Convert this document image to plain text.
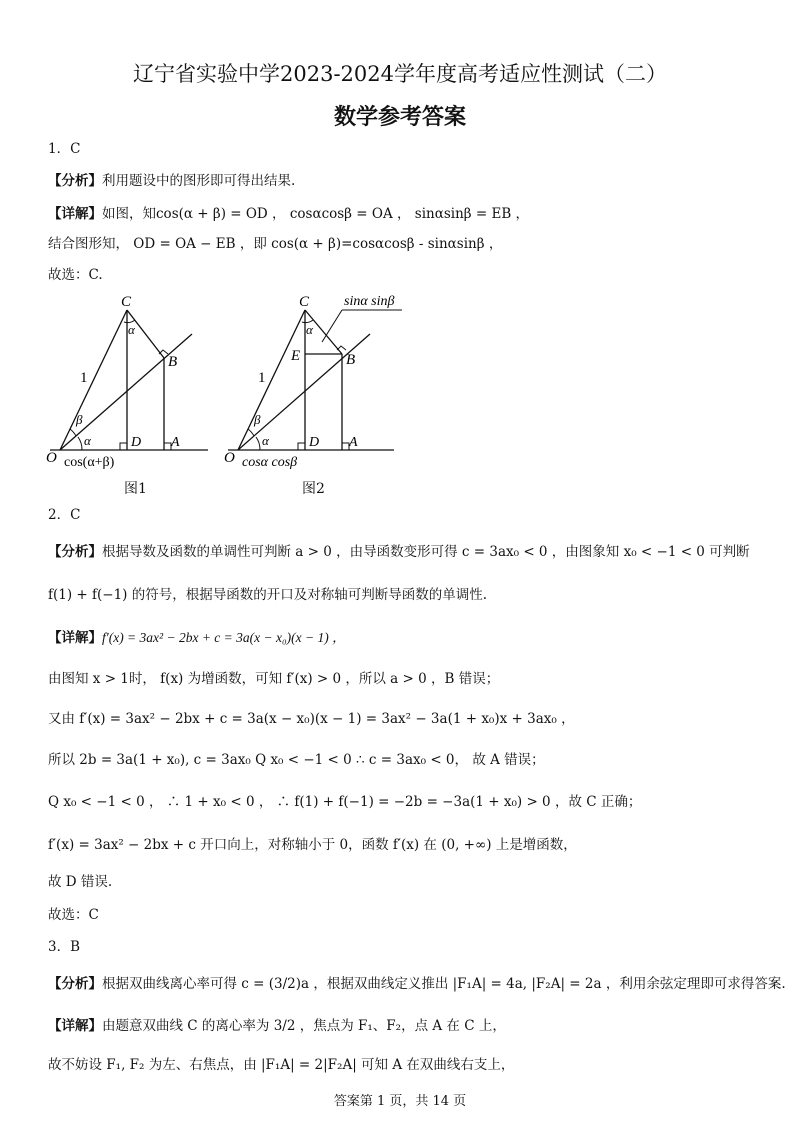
辽宁省实验中学2023-2024学年度高考适应性测试（二）
数学参考答案
1．C
【分析】利用题设中的图形即可得出结果.
【详解】如图，知cos(α + β) = OD ， cosαcosβ = OA ， sinαsinβ = EB ，
结合图形知， OD = OA − EB ，即 cos(α + β)=cosαcosβ - sinαsinβ ，
故选：C.
C
B
O
D A
1
α
β
α
cos(α+β)
图1
C
B
E
O
D A
1
α
β
α
cosα cosβ
sinα sinβ
图2
2．C
【分析】根据导数及函数的单调性可判断 a > 0 ，由导函数变形可得 c = 3ax₀ < 0 ，由图象知 x₀ < −1 < 0 可判断
f(1) + f(−1) 的符号，根据导函数的开口及对称轴可判断导函数的单调性.
【详解】f′(x) = 3ax² − 2bx + c = 3a(x − x₀)(x − 1) ，
由图知 x > 1时， f(x) 为增函数，可知 f′(x) > 0 ，所以 a > 0 ，B 错误；
又由 f′(x) = 3ax² − 2bx + c = 3a(x − x₀)(x − 1) = 3ax² − 3a(1 + x₀)x + 3ax₀ ，
所以 2b = 3a(1 + x₀), c = 3ax₀ Q x₀ < −1 < 0 ∴ c = 3ax₀ < 0， 故 A 错误；
Q x₀ < −1 < 0 ， ∴ 1 + x₀ < 0 ， ∴ f(1) + f(−1) = −2b = −3a(1 + x₀) > 0 ，故 C 正确；
f′(x) = 3ax² − 2bx + c 开口向上，对称轴小于 0，函数 f′(x) 在 (0, +∞) 上是增函数，
故 D 错误.
故选：C
3．B
【分析】根据双曲线离心率可得 c = (3/2)a ，根据双曲线定义推出 |F₁A| = 4a, |F₂A| = 2a ，利用余弦定理即可求得答案.
【详解】由题意双曲线 C 的离心率为 3/2 ，焦点为 F₁、F₂，点 A 在 C 上，
故不妨设 F₁, F₂ 为左、右焦点，由 |F₁A| = 2|F₂A| 可知 A 在双曲线右支上，
答案第 1 页，共 14 页
